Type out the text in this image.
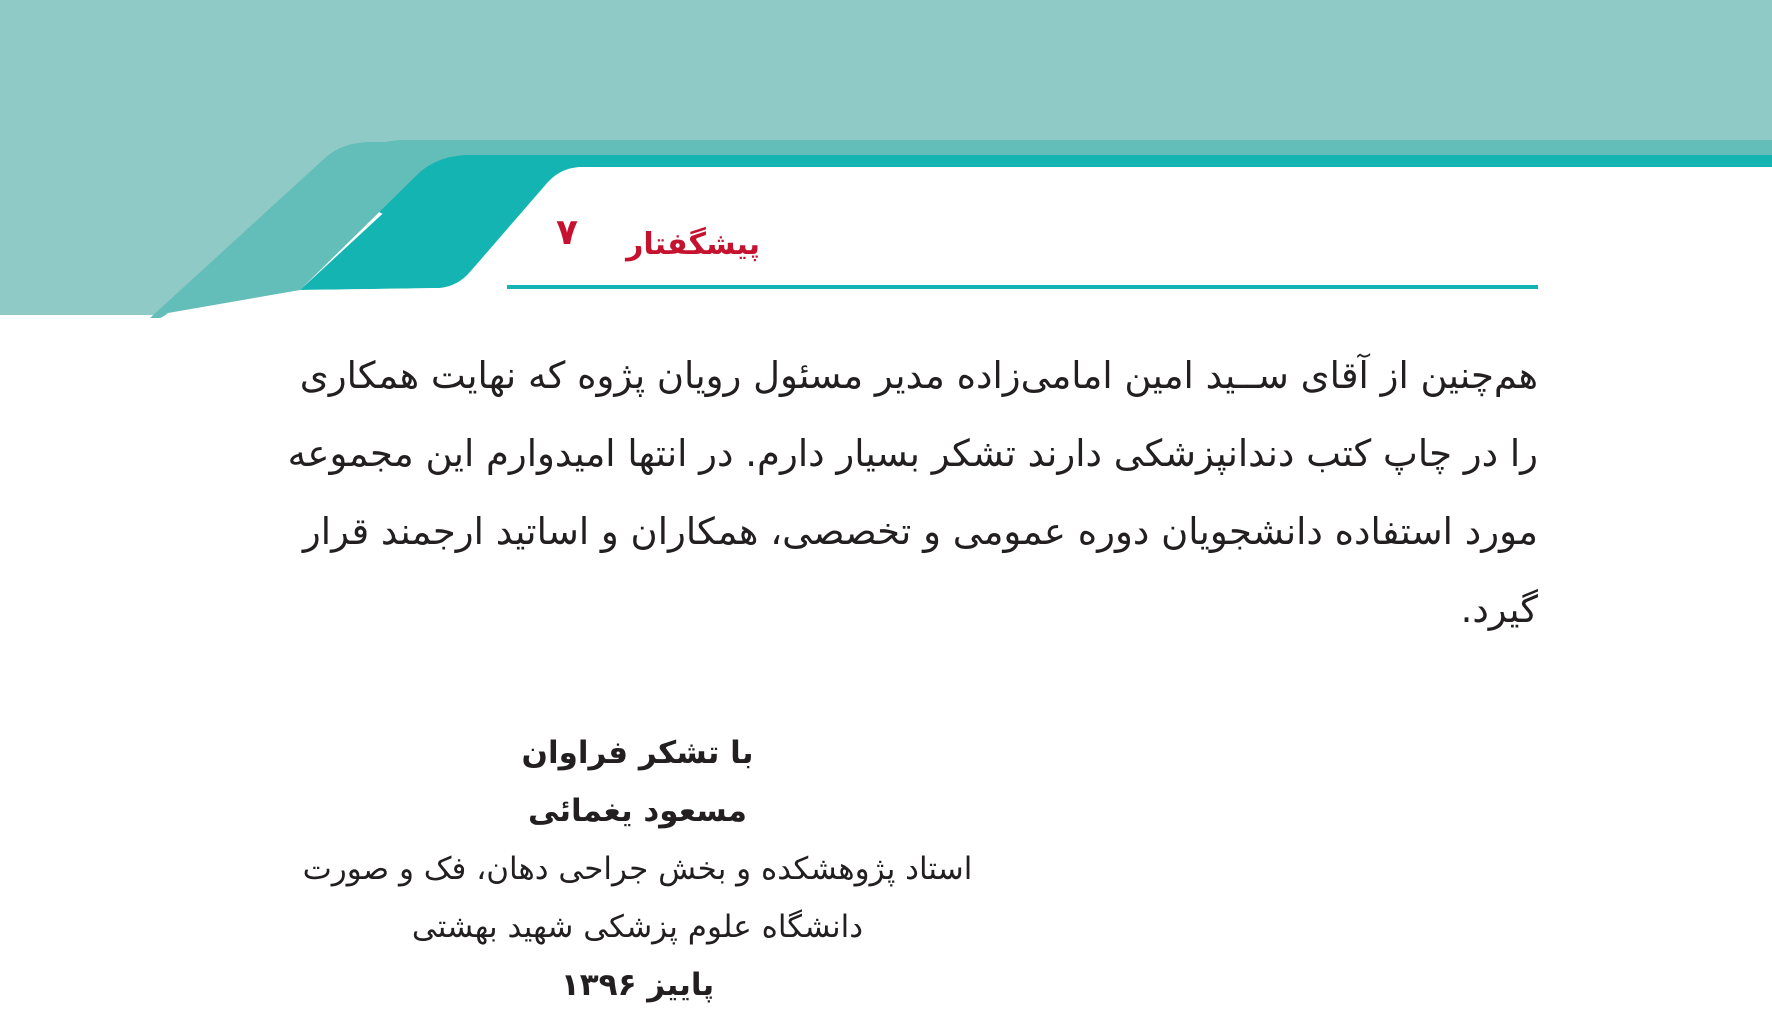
۷	پیشگفتار
هم‌چنین از آقای ســید امین امامی‌زاده مدیر مسئول رویان پژوه که نهایت همکاری
را در چاپ کتب دندانپزشکی دارند تشکر بسیار دارم. در انتها امیدوارم این مجموعه
مورد استفاده دانشجویان دوره عمومی و تخصصی، همکاران و اساتید ارجمند قرار
گیرد.
با تشکر فراوان
مسعود یغمائی
استاد پژوهشکده و بخش جراحی دهان، فک و صورت
دانشگاه علوم پزشکی شهید بهشتی
پاییز ۱۳۹۶
